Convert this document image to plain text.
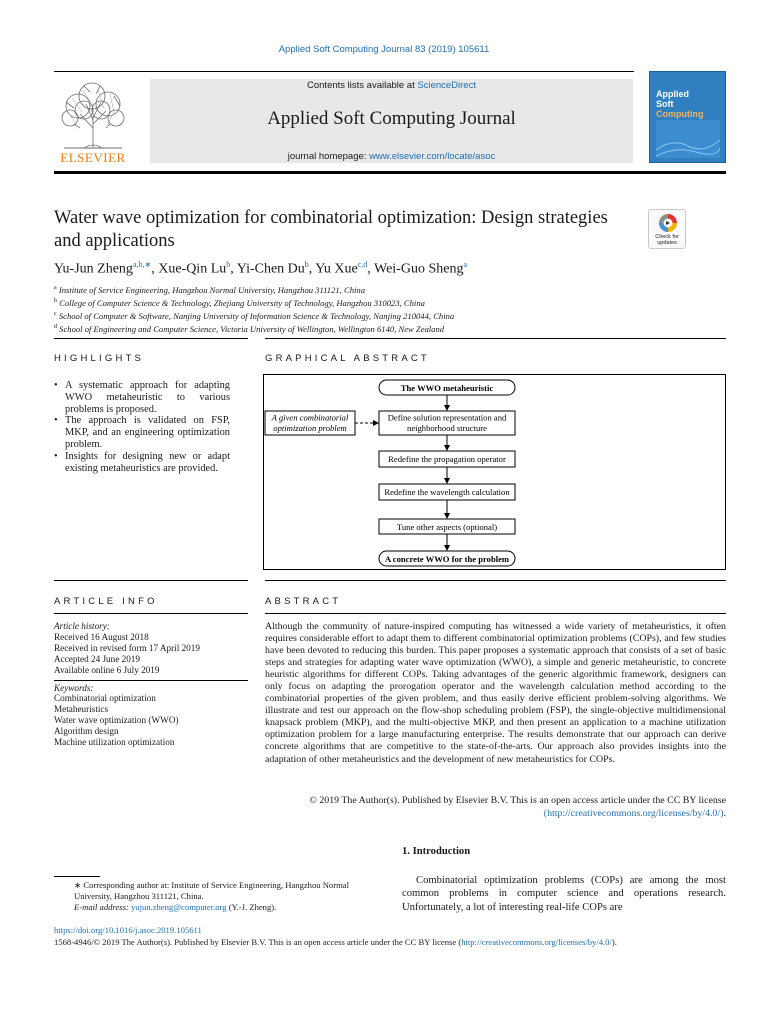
Applied Soft Computing Journal 83 (2019) 105611
Contents lists available at ScienceDirect
Applied Soft Computing Journal
journal homepage: www.elsevier.com/locate/asoc
ELSEVIER
Applied
Soft
Computing
Water wave optimization for combinatorial optimization: Design strategies and applications	Check for updates
Yu-Jun Zheng$^{a,b,∗}$, Xue-Qin Lu$^b$, Yi-Chen Du$^b$, Yu Xue$^{c,d}$, Wei-Guo Sheng$^a$
$^a$ Institute of Service Engineering, Hangzhou Normal University, Hangzhou 311121, China
$^b$ College of Computer Science & Technology, Zhejiang University of Technology, Hangzhou 310023, China
$^c$ School of Computer & Software, Nanjing University of Information Science & Technology, Nanjing 210044, China
$^d$ School of Engineering and Computer Science, Victoria University of Wellington, Wellington 6140, New Zealand
HIGHLIGHTS	GRAPHICAL ABSTRACT
• A systematic approach for adapting WWO metaheuristic to various problems is proposed.
• The approach is validated on FSP, MKP, and an engineering optimization problem.
• Insights for designing new or adapt existing metaheuristics are provided.
The WWO metaheuristic
Define solution representation and
neighborhood structure
A given combinatorial
optimization problem
Redefine the propagation operator
Redefine the wavelength calculation
Tune other aspects (optional)
A concrete WWO for the problem
ARTICLE INFO	ABSTRACT
Article history:
Received 16 August 2018
Received in revised form 17 April 2019
Accepted 24 June 2019
Available online 6 July 2019
Keywords:
Combinatorial optimization
Metaheuristics
Water wave optimization (WWO)
Algorithm design
Machine utilization optimization
Although the community of nature-inspired computing has witnessed a wide variety of metaheuristics, it often requires considerable effort to adapt them to different combinatorial optimization problems (COPs), and few studies have been devoted to reducing this burden. This paper proposes a systematic approach that consists of a set of basic steps and strategies for adapting water wave optimization (WWO), a simple and generic metaheuristic, to concrete heuristic algorithms for different COPs. Taking advantages of the generic algorithmic framework, designers can only focus on adapting the prorogation operator and the wavelength calculation method according to the combinatorial properties of the given problem, and thus easily derive efficient problem-solving algorithms. We illustrate and test our approach on the flow-shop scheduling problem (FSP), the single-objective multidimensional knapsack problem (MKP), and the multi-objective MKP, and then present an application to a machine utilization optimization problem for a large manufacturing enterprise. The results demonstrate that our approach can derive concrete algorithms that are competitive to the state-of-the-arts. Our approach also provides insights into the adaptation of other metaheuristics and the development of new metaheuristics for COPs.
© 2019 The Author(s). Published by Elsevier B.V. This is an open access article under the CC BY license
(http://creativecommons.org/licenses/by/4.0/).
1. Introduction
Combinatorial optimization problems (COPs) are among the most common problems in computer science and operations research. Unfortunately, a lot of interesting real-life COPs are
∗ Corresponding author at: Institute of Service Engineering, Hangzhou Normal University, Hangzhou 311121, China.
E-mail address: yujun.zheng@computer.org (Y.-J. Zheng).
https://doi.org/10.1016/j.asoc.2019.105611
1568-4946/© 2019 The Author(s). Published by Elsevier B.V. This is an open access article under the CC BY license (http://creativecommons.org/licenses/by/4.0/).
